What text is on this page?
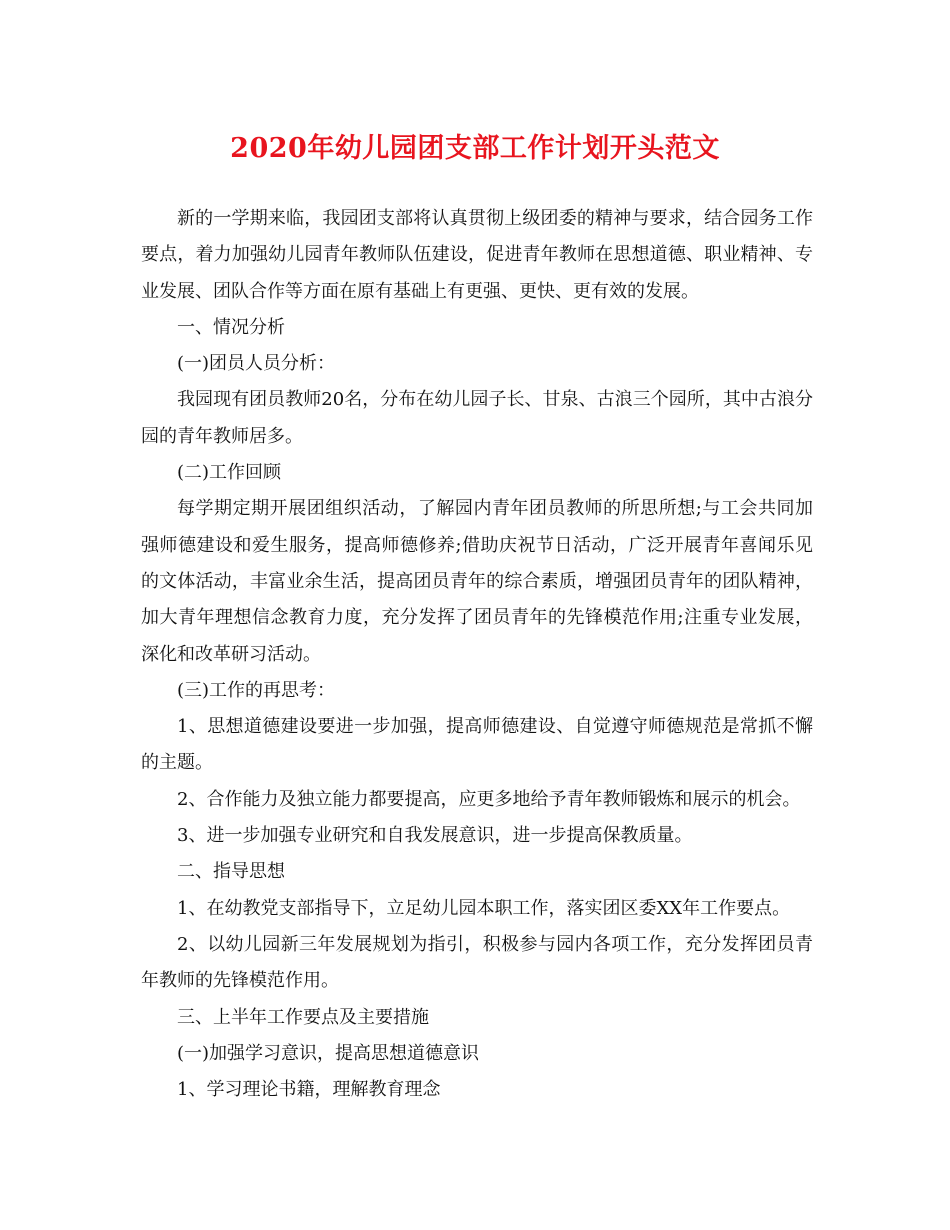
2020年幼儿园团支部工作计划开头范文

新的一学期来临，我园团支部将认真贯彻上级团委的精神与要求，结合园务工作要点，着力加强幼儿园青年教师队伍建设，促进青年教师在思想道德、职业精神、专业发展、团队合作等方面在原有基础上有更强、更快、更有效的发展。

一、情况分析

(一)团员人员分析：

我园现有团员教师20名，分布在幼儿园子长、甘泉、古浪三个园所，其中古浪分园的青年教师居多。

(二)工作回顾

每学期定期开展团组织活动，了解园内青年团员教师的所思所想;与工会共同加强师德建设和爱生服务，提高师德修养;借助庆祝节日活动，广泛开展青年喜闻乐见的文体活动，丰富业余生活，提高团员青年的综合素质，增强团员青年的团队精神，加大青年理想信念教育力度，充分发挥了团员青年的先锋模范作用;注重专业发展，深化和改革研习活动。

(三)工作的再思考：

1、思想道德建设要进一步加强，提高师德建设、自觉遵守师德规范是常抓不懈的主题。

2、合作能力及独立能力都要提高，应更多地给予青年教师锻炼和展示的机会。

3、进一步加强专业研究和自我发展意识，进一步提高保教质量。

二、指导思想

1、在幼教党支部指导下，立足幼儿园本职工作，落实团区委XX年工作要点。

2、以幼儿园新三年发展规划为指引，积极参与园内各项工作，充分发挥团员青年教师的先锋模范作用。

三、上半年工作要点及主要措施

(一)加强学习意识，提高思想道德意识

1、学习理论书籍，理解教育理念
